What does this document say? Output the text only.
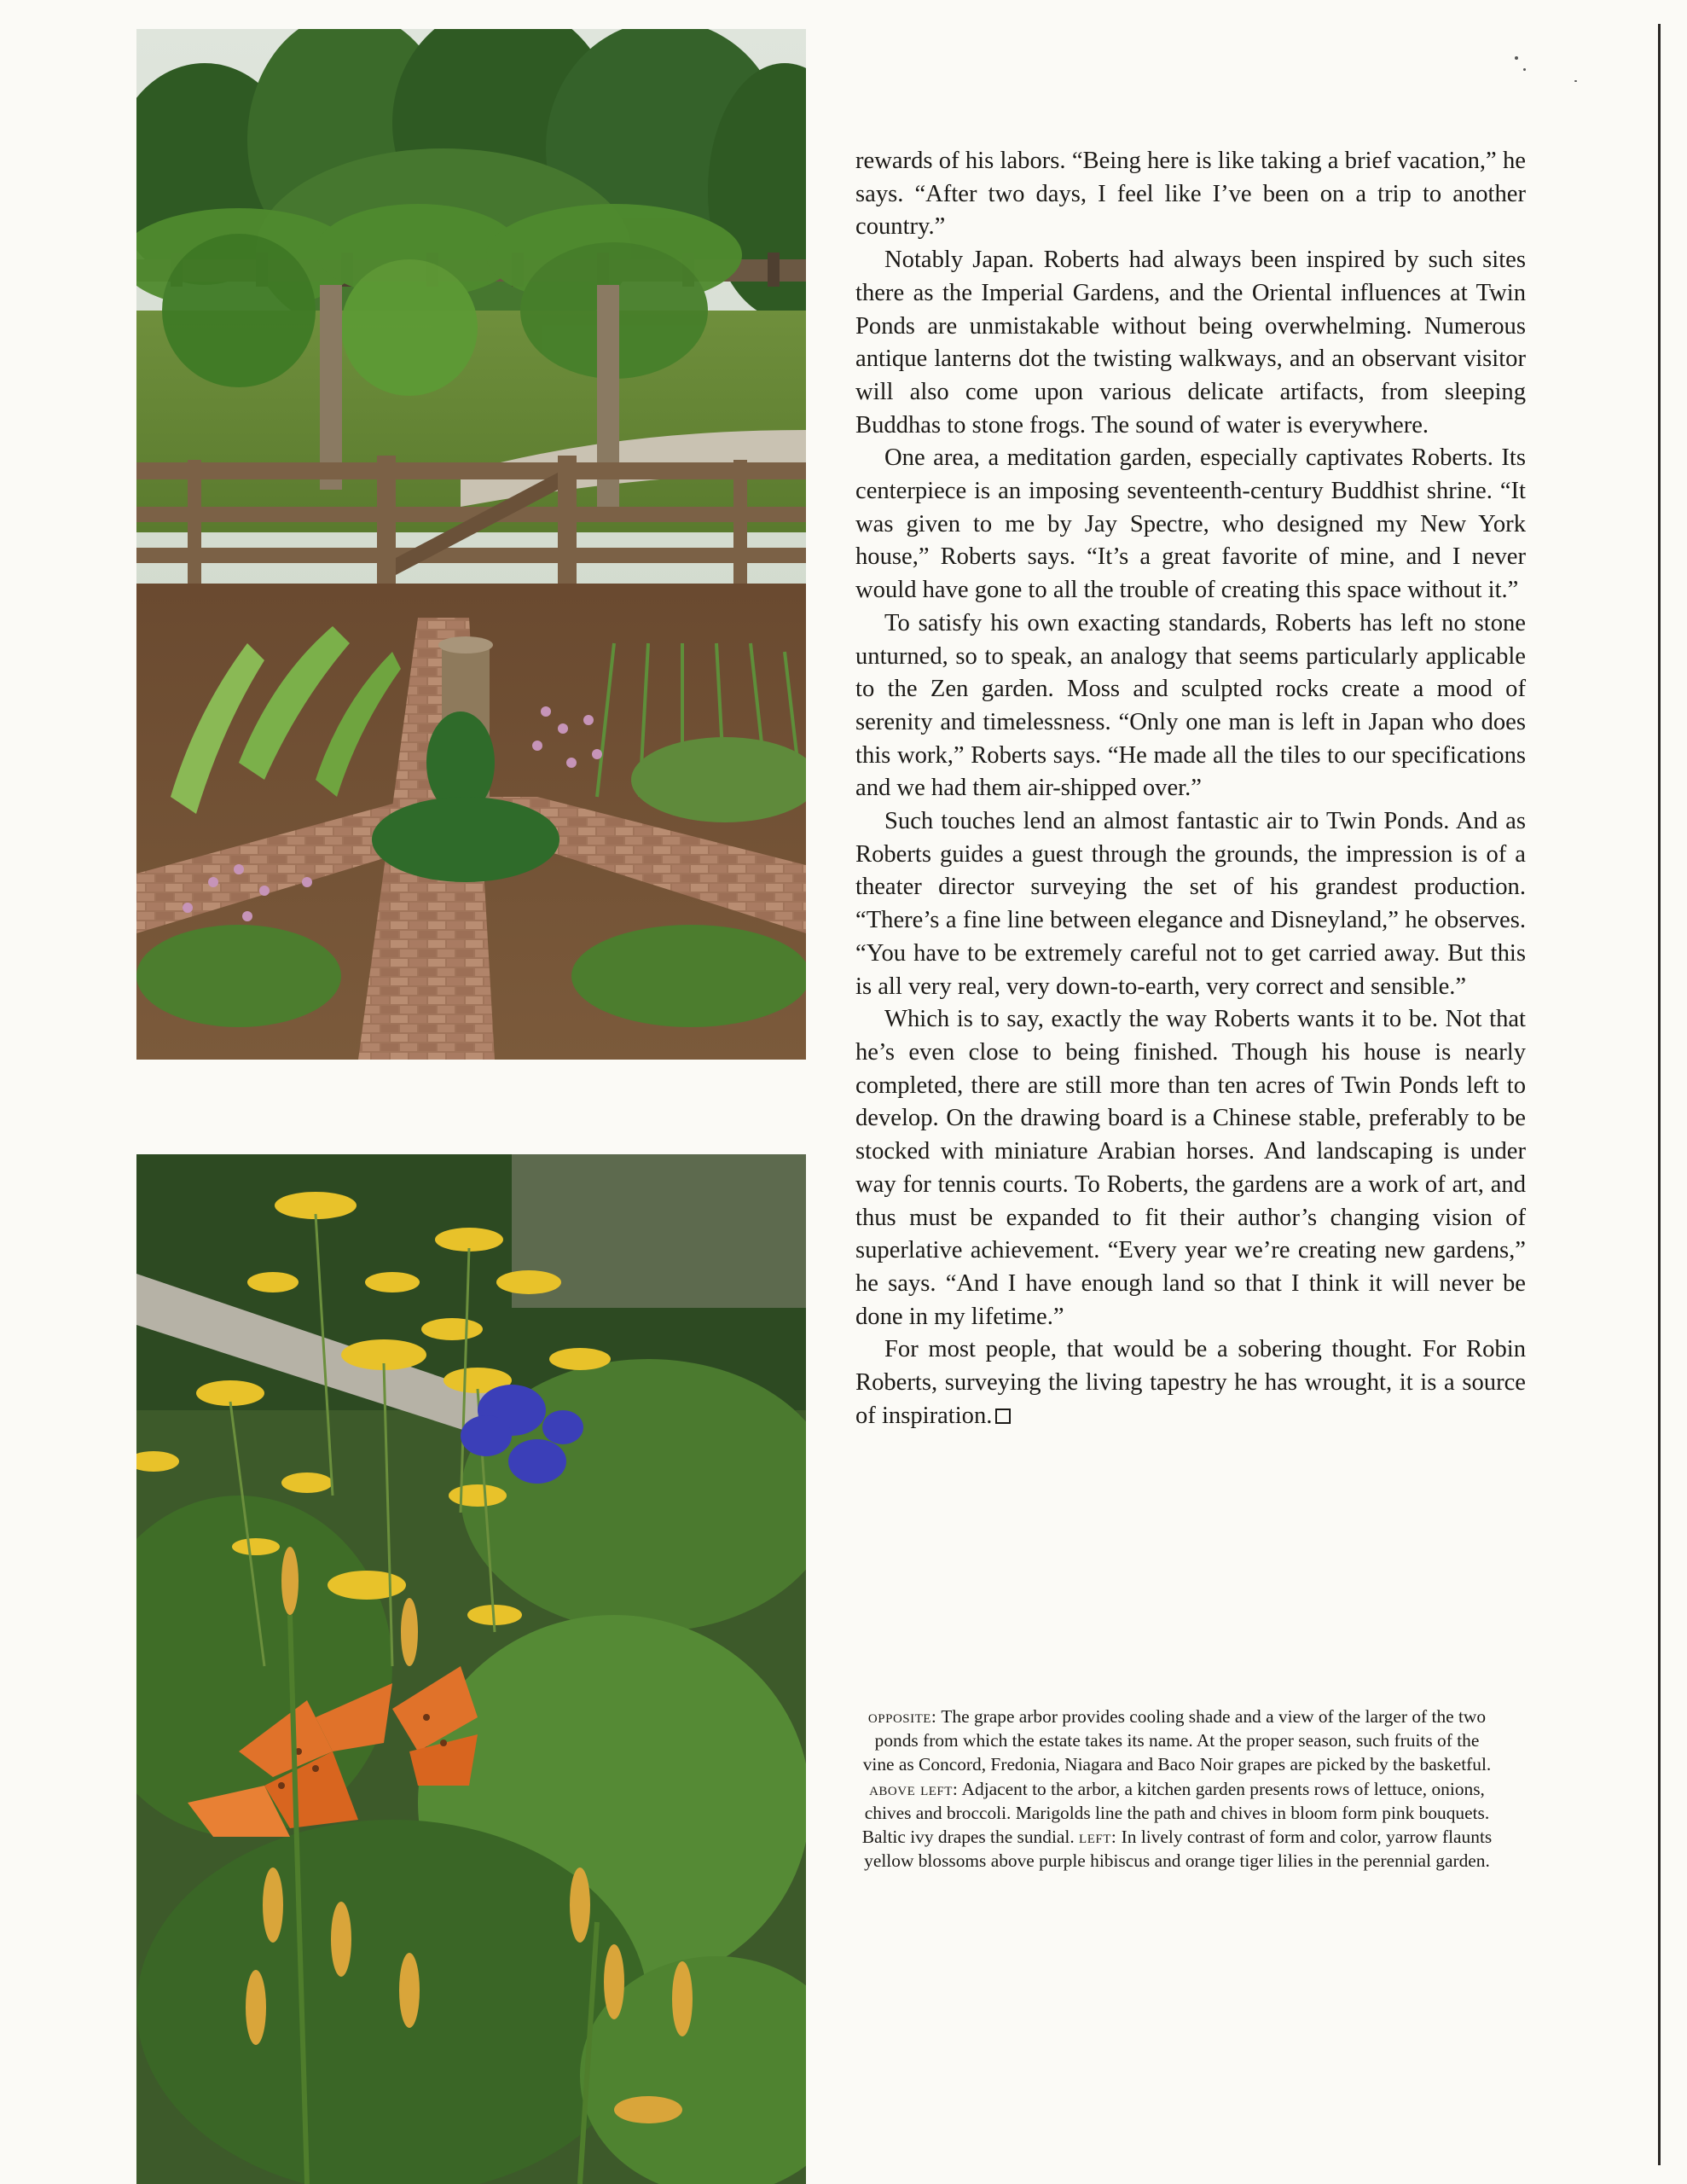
rewards of his labors. “Being here is like taking a brief vacation,” he says. “After two days, I feel like I’ve been on a trip to another country.”

Notably Japan. Roberts had always been inspired by such sites there as the Imperial Gardens, and the Oriental influences at Twin Ponds are unmistakable without being overwhelming. Numerous antique lanterns dot the twisting walkways, and an observant visitor will also come upon various delicate artifacts, from sleeping Buddhas to stone frogs. The sound of water is everywhere.

One area, a meditation garden, especially captivates Roberts. Its centerpiece is an imposing seventeenth-century Buddhist shrine. “It was given to me by Jay Spectre, who designed my New York house,” Roberts says. “It’s a great favorite of mine, and I never would have gone to all the trouble of creating this space without it.”

To satisfy his own exacting standards, Roberts has left no stone unturned, so to speak, an analogy that seems particularly applicable to the Zen garden. Moss and sculpted rocks create a mood of serenity and timelessness. “Only one man is left in Japan who does this work,” Roberts says. “He made all the tiles to our specifications and we had them air-shipped over.”

Such touches lend an almost fantastic air to Twin Ponds. And as Roberts guides a guest through the grounds, the impression is of a theater director surveying the set of his grandest production. “There’s a fine line between elegance and Disneyland,” he observes. “You have to be extremely careful not to get carried away. But this is all very real, very down-to-earth, very correct and sensible.”

Which is to say, exactly the way Roberts wants it to be. Not that he’s even close to being finished. Though his house is nearly completed, there are still more than ten acres of Twin Ponds left to develop. On the drawing board is a Chinese stable, preferably to be stocked with miniature Arabian horses. And landscaping is under way for tennis courts. To Roberts, the gardens are a work of art, and thus must be expanded to fit their author’s changing vision of superlative achievement. “Every year we’re creating new gardens,” he says. “And I have enough land so that I think it will never be done in my lifetime.”

For most people, that would be a sobering thought. For Robin Roberts, surveying the living tapestry he has wrought, it is a source of inspiration.

opposite: The grape arbor provides cooling shade and a view of the larger of the two ponds from which the estate takes its name. At the proper season, such fruits of the vine as Concord, Fredonia, Niagara and Baco Noir grapes are picked by the basketful. above left: Adjacent to the arbor, a kitchen garden presents rows of lettuce, onions, chives and broccoli. Marigolds line the path and chives in bloom form pink bouquets. Baltic ivy drapes the sundial. left: In lively contrast of form and color, yarrow flaunts yellow blossoms above purple hibiscus and orange tiger lilies in the perennial garden.
